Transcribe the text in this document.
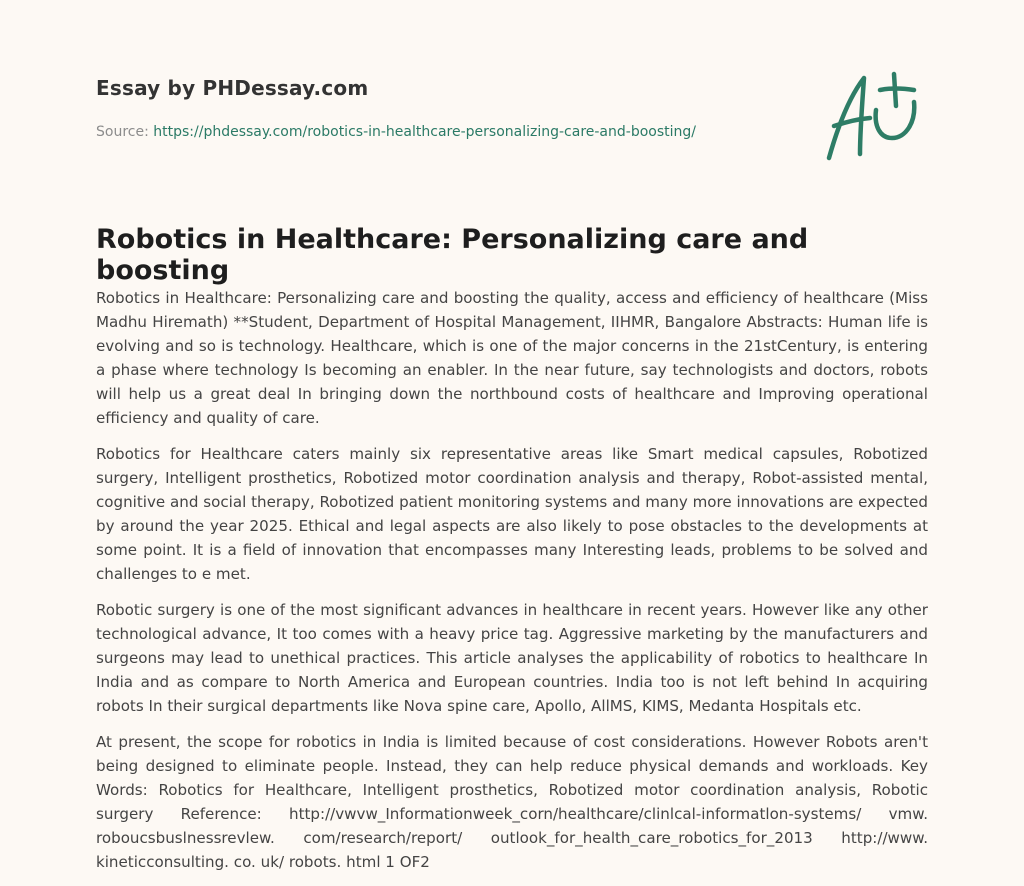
Essay by PHDessay.com
Source: https://phdessay.com/robotics-in-healthcare-personalizing-care-and-boosting/
Robotics in Healthcare: Personalizing care and boosting

Robotics in Healthcare: Personalizing care and boosting the quality, access and efficiency of healthcare (Miss Madhu Hiremath) **Student, Department of Hospital Management, IIHMR, Bangalore Abstracts: Human life is evolving and so is technology. Healthcare, which is one of the major concerns in the 21stCentury, is entering a phase where technology Is becoming an enabler. In the near future, say technologists and doctors, robots will help us a great deal In bringing down the northbound costs of healthcare and Improving operational efficiency and quality of care.

Robotics for Healthcare caters mainly six representative areas like Smart medical capsules, Robotized surgery, Intelligent prosthetics, Robotized motor coordination analysis and therapy, Robot-assisted mental, cognitive and social therapy, Robotized patient monitoring systems and many more innovations are expected by around the year 2025. Ethical and legal aspects are also likely to pose obstacles to the developments at some point. It is a field of innovation that encompasses many Interesting leads, problems to be solved and challenges to e met.

Robotic surgery is one of the most significant advances in healthcare in recent years. However like any other technological advance, It too comes with a heavy price tag. Aggressive marketing by the manufacturers and surgeons may lead to unethical practices. This article analyses the applicability of robotics to healthcare In India and as compare to North America and European countries. India too is not left behind In acquiring robots In their surgical departments like Nova spine care, Apollo, AllMS, KIMS, Medanta Hospitals etc.

At present, the scope for robotics in India is limited because of cost considerations. However Robots aren't being designed to eliminate people. Instead, they can help reduce physical demands and workloads. Key Words: Robotics for Healthcare, Intelligent prosthetics, Robotized motor coordination analysis, Robotic surgery Reference: http://vwvw_Informationweek_corn/healthcare/clinlcal-informatlon-systems/ vmw. roboucsbuslnessrevlew. com/research/report/ outlook_for_health_care_robotics_for_2013 http://www. kineticconsulting. co. uk/ robots. html 1 OF2
